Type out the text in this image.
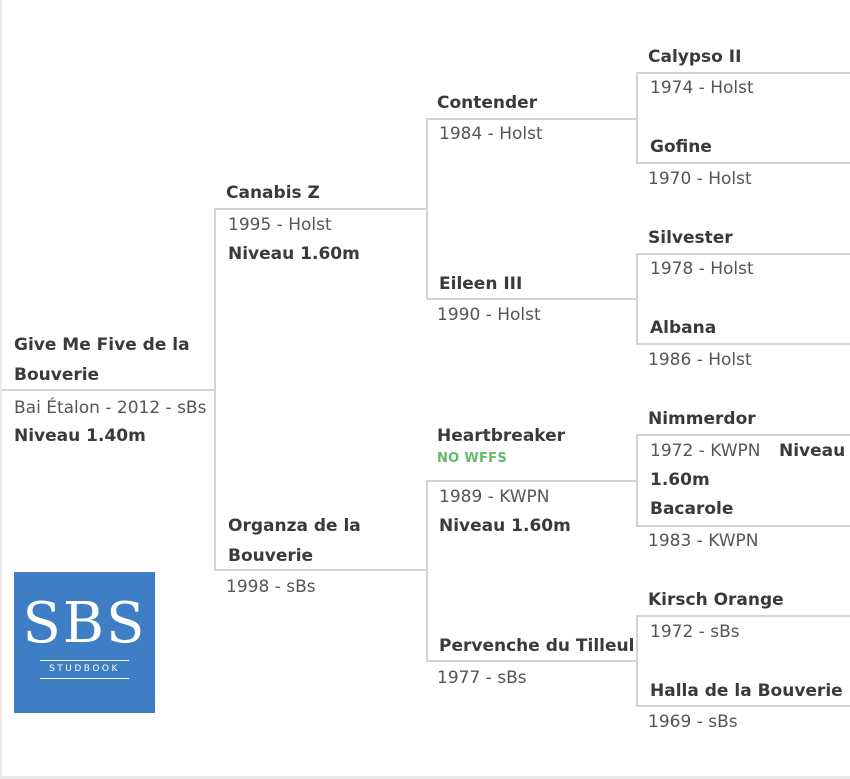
Give Me Five de la
Bouverie
Bai Étalon - 2012 - sBs
Niveau 1.40m
Canabis Z
1995 - Holst
Niveau 1.60m
Organza de la
Bouverie
1998 - sBs
Contender
1984 - Holst
Eileen III
1990 - Holst
Heartbreaker
NO WFFS
1989 - KWPN
Niveau 1.60m
Pervenche du Tilleul
1977 - sBs
Calypso II
1974 - Holst
Gofine
1970 - Holst
Silvester
1978 - Holst
Albana
1986 - Holst
Nimmerdor
1972 - KWPN Niveau
1.60m
Bacarole
1983 - KWPN
Kirsch Orange
1972 - sBs
Halla de la Bouverie
1969 - sBs
SBS
STUDBOOK
